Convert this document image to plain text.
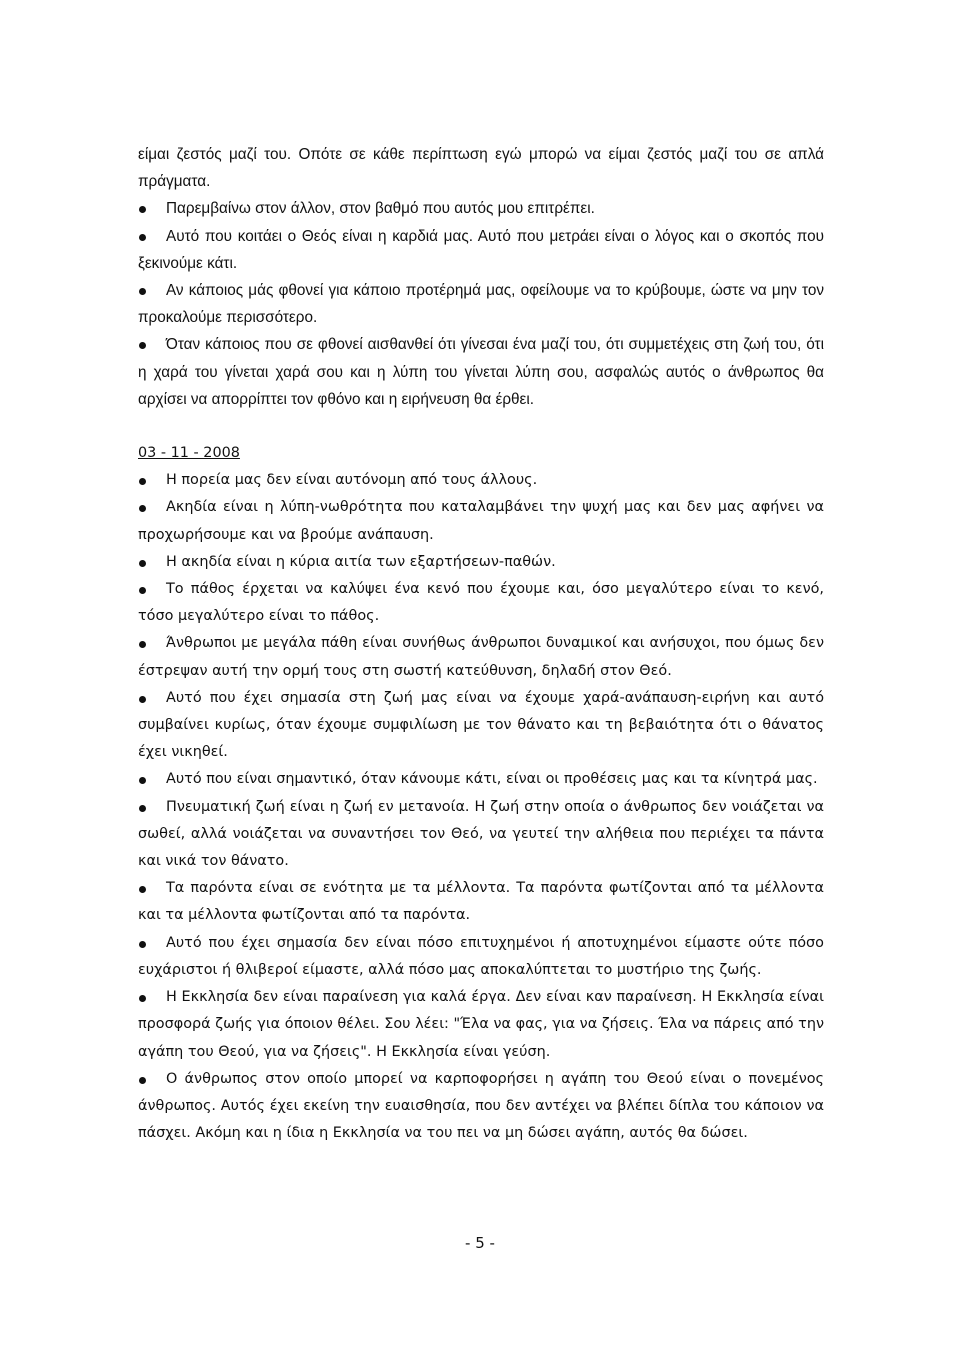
είμαι ζεστός μαζί του. Οπότε σε κάθε περίπτωση εγώ μπορώ να είμαι ζεστός μαζί του σε απλά πράγματα.

Παρεμβαίνω στον άλλον, στον βαθμό που αυτός μου επιτρέπει.

Αυτό που κοιτάει ο Θεός είναι η καρδιά μας. Αυτό που μετράει είναι ο λόγος και ο σκοπός που ξεκινούμε κάτι.

Αν κάποιος μάς φθονεί για κάποιο προτέρημά μας, οφείλουμε να το κρύβουμε, ώστε να μην τον προκαλούμε περισσότερο.

Όταν κάποιος που σε φθονεί αισθανθεί ότι γίνεσαι ένα μαζί του, ότι συμμετέχεις στη ζωή του, ότι η χαρά του γίνεται χαρά σου και η λύπη του γίνεται λύπη σου, ασφαλώς αυτός ο άνθρωπος θα αρχίσει να απορρίπτει τον φθόνο και η ειρήνευση θα έρθει.

03 - 11 - 2008

Η πορεία μας δεν είναι αυτόνομη από τους άλλους.

Ακηδία είναι η λύπη-νωθρότητα που καταλαμβάνει την ψυχή μας και δεν μας αφήνει να προχωρήσουμε και να βρούμε ανάπαυση.

Η ακηδία είναι η κύρια αιτία των εξαρτήσεων-παθών.

Το πάθος έρχεται να καλύψει ένα κενό που έχουμε και, όσο μεγαλύτερο είναι το κενό, τόσο μεγαλύτερο είναι το πάθος.

Άνθρωποι με μεγάλα πάθη είναι συνήθως άνθρωποι δυναμικοί και ανήσυχοι, που όμως δεν έστρεψαν αυτή την ορμή τους στη σωστή κατεύθυνση, δηλαδή στον Θεό.

Αυτό που έχει σημασία στη ζωή μας είναι να έχουμε χαρά-ανάπαυση-ειρήνη και αυτό συμβαίνει κυρίως, όταν έχουμε συμφιλίωση με τον θάνατο και τη βεβαιότητα ότι ο θάνατος έχει νικηθεί.

Αυτό που είναι σημαντικό, όταν κάνουμε κάτι, είναι οι προθέσεις μας και τα κίνητρά μας.

Πνευματική ζωή είναι η ζωή εν μετανοία. Η ζωή στην οποία ο άνθρωπος δεν νοιάζεται να σωθεί, αλλά νοιάζεται να συναντήσει τον Θεό, να γευτεί την αλήθεια που περιέχει τα πάντα και νικά τον θάνατο.

Τα παρόντα είναι σε ενότητα με τα μέλλοντα. Τα παρόντα φωτίζονται από τα μέλλοντα και τα μέλλοντα φωτίζονται από τα παρόντα.

Αυτό που έχει σημασία δεν είναι πόσο επιτυχημένοι ή αποτυχημένοι είμαστε ούτε πόσο ευχάριστοι ή θλιβεροί είμαστε, αλλά πόσο μας αποκαλύπτεται το μυστήριο της ζωής.

Η Εκκλησία δεν είναι παραίνεση για καλά έργα. Δεν είναι καν παραίνεση. Η Εκκλησία είναι προσφορά ζωής για όποιον θέλει. Σου λέει: "Έλα να φας, για να ζήσεις. Έλα να πάρεις από την αγάπη του Θεού, για να ζήσεις". Η Εκκλησία είναι γεύση.

Ο άνθρωπος στον οποίο μπορεί να καρποφορήσει η αγάπη του Θεού είναι ο πονεμένος άνθρωπος. Αυτός έχει εκείνη την ευαισθησία, που δεν αντέχει να βλέπει δίπλα του κάποιον να πάσχει. Ακόμη και η ίδια η Εκκλησία να του πει να μη δώσει αγάπη, αυτός θα δώσει.

- 5 -
